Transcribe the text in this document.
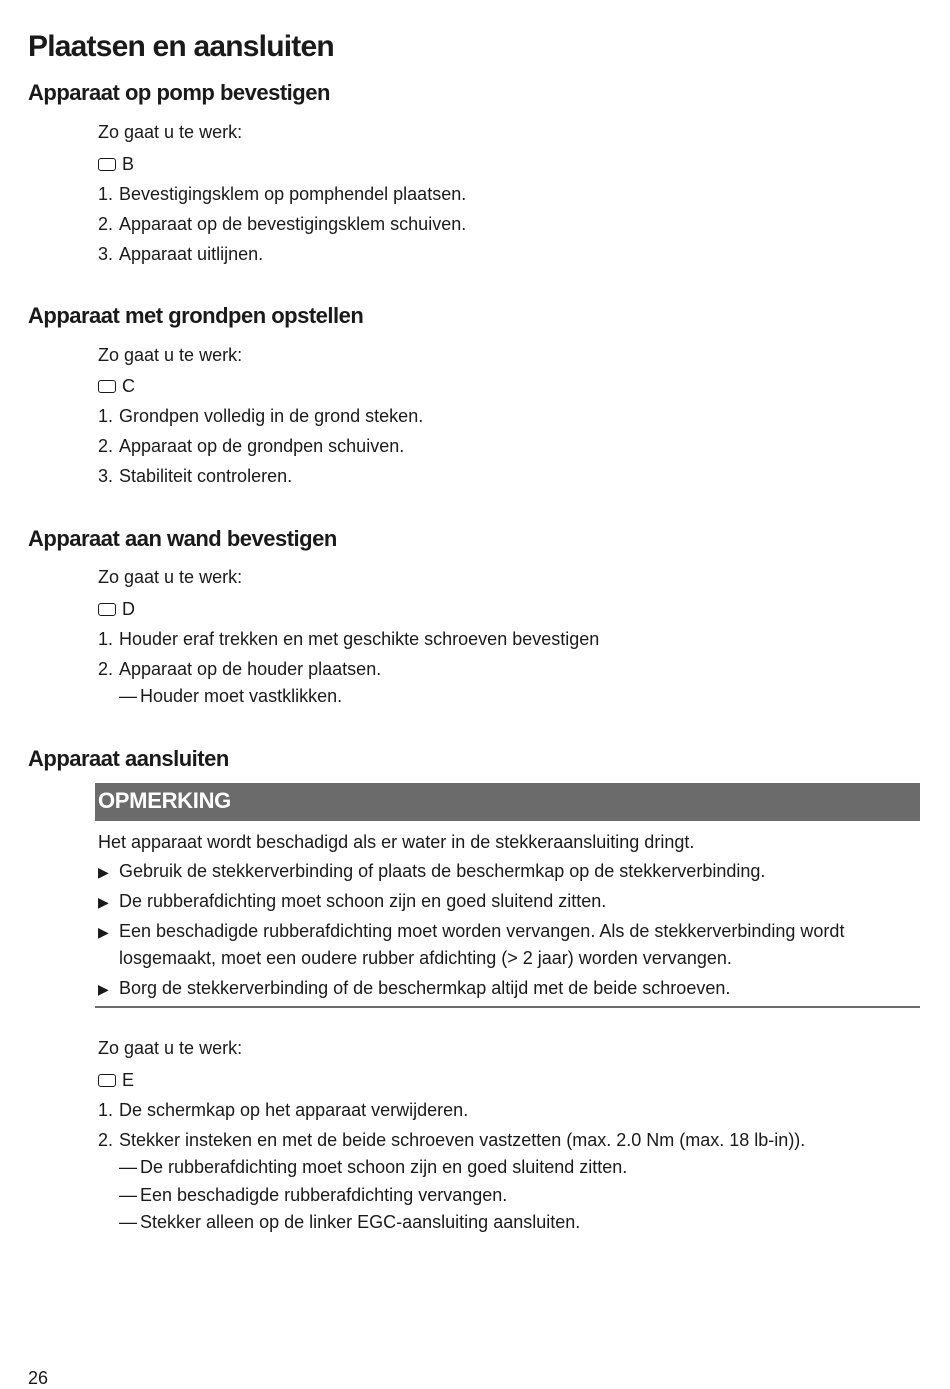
Plaatsen en aansluiten
Apparaat op pomp bevestigen
Zo gaat u te werk:
B
1. Bevestigingsklem op pomphendel plaatsen.
2. Apparaat op de bevestigingsklem schuiven.
3. Apparaat uitlijnen.
Apparaat met grondpen opstellen
Zo gaat u te werk:
C
1. Grondpen volledig in de grond steken.
2. Apparaat op de grondpen schuiven.
3. Stabiliteit controleren.
Apparaat aan wand bevestigen
Zo gaat u te werk:
D
1. Houder eraf trekken en met geschikte schroeven bevestigen
2. Apparaat op de houder plaatsen.
— Houder moet vastklikken.
Apparaat aansluiten
OPMERKING
Het apparaat wordt beschadigd als er water in de stekkeraansluiting dringt.
▶ Gebruik de stekkerverbinding of plaats de beschermkap op de stekkerverbinding.
▶ De rubberafdichting moet schoon zijn en goed sluitend zitten.
▶ Een beschadigde rubberafdichting moet worden vervangen. Als de stekkerverbinding wordt
losgemaakt, moet een oudere rubber afdichting (> 2 jaar) worden vervangen.
▶ Borg de stekkerverbinding of de beschermkap altijd met de beide schroeven.
Zo gaat u te werk:
E
1. De schermkap op het apparaat verwijderen.
2. Stekker insteken en met de beide schroeven vastzetten (max. 2.0 Nm (max. 18 lb-in)).
— De rubberafdichting moet schoon zijn en goed sluitend zitten.
— Een beschadigde rubberafdichting vervangen.
— Stekker alleen op de linker EGC-aansluiting aansluiten.
26
